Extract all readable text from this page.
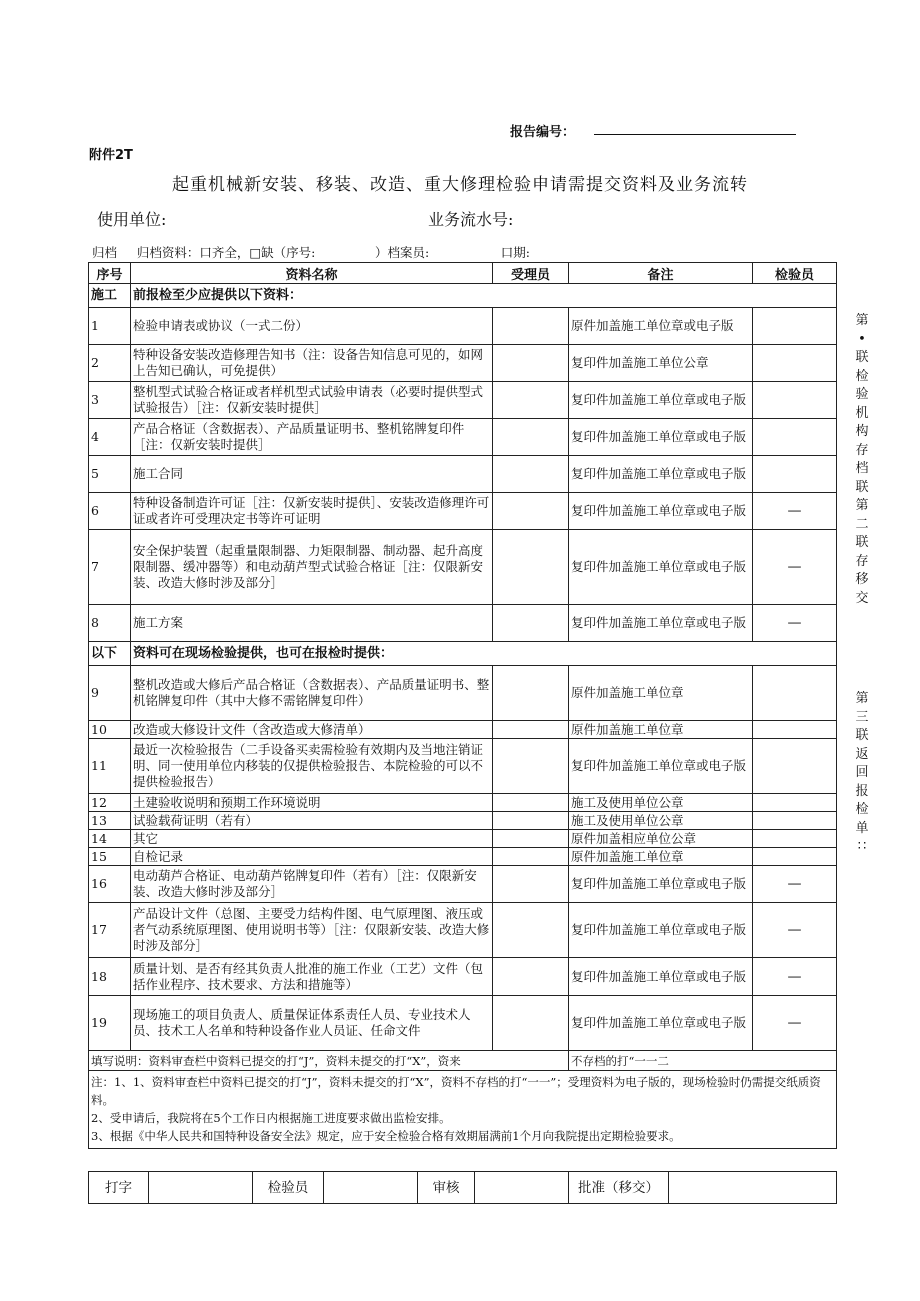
报告编号：
附件2T
起重机械新安装、移装、改造、重大修理检验申请需提交资料及业务流转
使用单位:	业务流水号:
归档     归档资料：口齐全，□缺（序号:               ）档案员:                  口期:
序号	资料名称	受理员	备注	检验员
施工	前报检至少应提供以下资料：			
1	检验申请表或协议（一式二份）		原件加盖施工单位章或电子版	
2	特种设备安装改造修理告知书（注：设备告知信息可见的，如网上告知已确认，可免提供）		复印件加盖施工单位公章	
3	整机型式试验合格证或者样机型式试验申请表（必要时提供型式试验报告）［注：仅新安装时提供］		复印件加盖施工单位章或电子版	
4	产品合格证（含数据表）、产品质量证明书、整机铭牌复印件［注：仅新安装时提供］		复印件加盖施工单位章或电子版	
5	施工合同		复印件加盖施工单位章或电子版	
6	特种设备制造许可证［注：仅新安装时提供］、安装改造修理许可证或者许可受理决定书等许可证明		复印件加盖施工单位章或电子版	—
7	安全保护装置（起重量限制器、力矩限制器、制动器、起升高度限制器、缓冲器等）和电动葫芦型式试验合格证［注：仅限新安装、改造大修时涉及部分］		复印件加盖施工单位章或电子版	—
8	施工方案		复印件加盖施工单位章或电子版	—
以下	资料可在现场检验提供，也可在报检时提供：			
9	整机改造或大修后产品合格证（含数据表）、产品质量证明书、整机铭牌复印件（其中大修不需铭牌复印件）		原件加盖施工单位章	
10	改造或大修设计文件（含改造或大修清单）		原件加盖施工单位章	
11	最近一次检验报告（二手设备买卖需检验有效期内及当地注销证明、同一使用单位内移装的仅提供检验报告、本院检验的可以不提供检验报告）		复印件加盖施工单位章或电子版	
12	土建验收说明和预期工作环境说明		施工及使用单位公章	
13	试验载荷证明（若有）		施工及使用单位公章	
14	其它		原件加盖相应单位公章	
15	自检记录		原件加盖施工单位章	
16	电动葫芦合格证、电动葫芦铭牌复印件（若有）［注：仅限新安装、改造大修时涉及部分］		复印件加盖施工单位章或电子版	—
17	产品设计文件（总图、主要受力结构件图、电气原理图、液压或者气动系统原理图、使用说明书等）［注：仅限新安装、改造大修时涉及部分］		复印件加盖施工单位章或电子版	—
18	质量计划、是否有经其负责人批准的施工作业（工艺）文件（包括作业程序、技术要求、方法和措施等）		复印件加盖施工单位章或电子版	—
19	现场施工的项目负责人、质量保证体系责任人员、专业技术人员、技术工人名单和特种设备作业人员证、任命文件		复印件加盖施工单位章或电子版	—
填写说明：资料审查栏中资料已提交的打“J”，资料未提交的打“X”，资来			不存档的打“一一二	

注：1、1、资料审查栏中资料已提交的打“J”，资料未提交的打“X”，资料不存档的打“一一”；受理资料为电子版的，现场检验时仍需提交纸质资料。
2、受申请后，我院将在5个工作日内根据施工进度要求做出监检安排。
3、根据《中华人民共和国特种设备安全法》规定，应于安全检验合格有效期届满前1个月向我院提出定期检验要求。				
打字		检验员		审核		批准（移交）	
第
•
联
检
验
机
构
存
档
联
第
二
联
存
移
交
第
三
联
返
回
报
检
单
∷
